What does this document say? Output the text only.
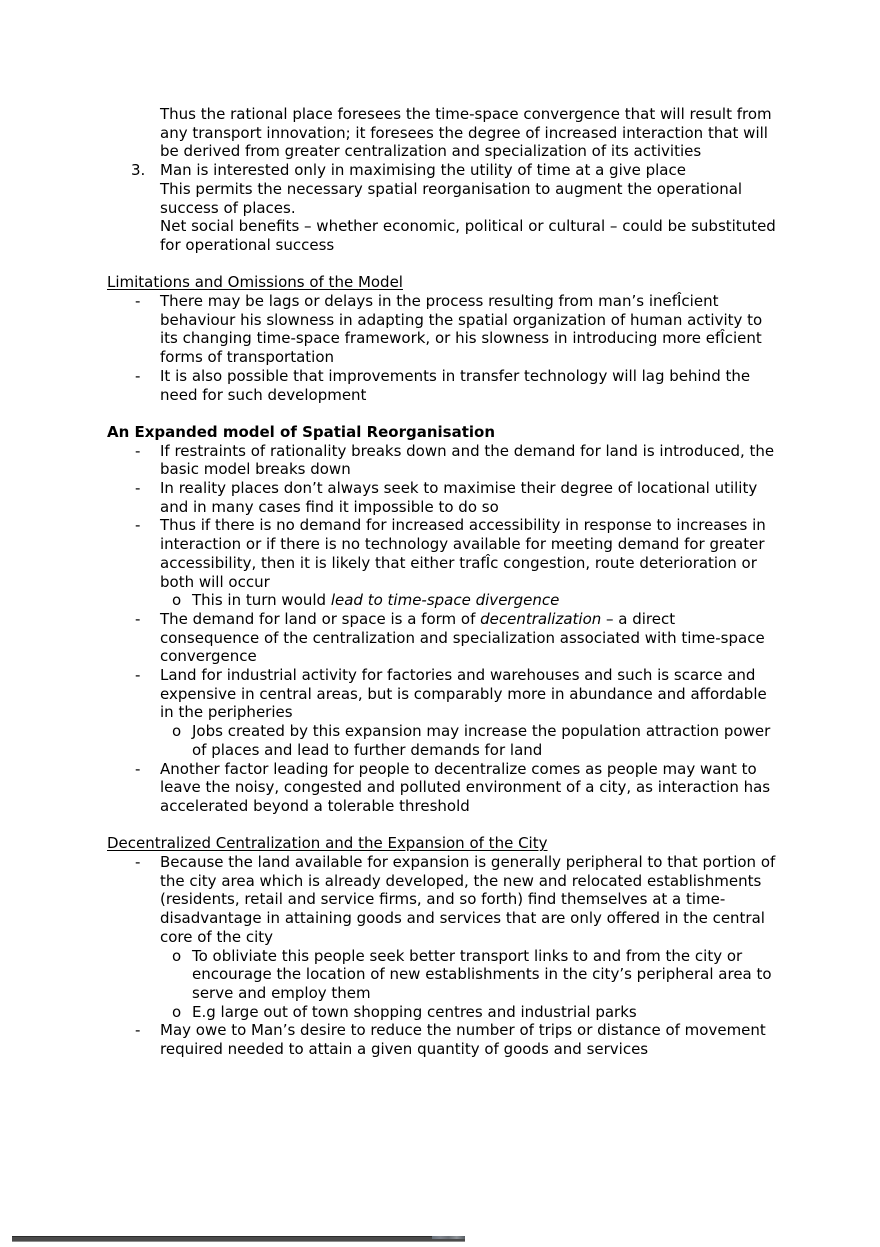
Thus the rational place foresees the time-space convergence that will result from any transport innovation; it foresees the degree of increased interaction that will be derived from greater centralization and specialization of its activities
3. Man is interested only in maximising the utility of time at a give place
This permits the necessary spatial reorganisation to augment the operational success of places.
Net social benefits – whether economic, political or cultural – could be substituted for operational success
Limitations and Omissions of the Model
-	There may be lags or delays in the process resulting from man’s inefÎcient behaviour his slowness in adapting the spatial organization of human activity to its changing time-space framework, or his slowness in introducing more efÎcient forms of transportation
-	It is also possible that improvements in transfer technology will lag behind the need for such development
An Expanded model of Spatial Reorganisation
-	If restraints of rationality breaks down and the demand for land is introduced, the basic model breaks down
-	In reality places don’t always seek to maximise their degree of locational utility and in many cases find it impossible to do so
-	Thus if there is no demand for increased accessibility in response to increases in interaction or if there is no technology available for meeting demand for greater accessibility, then it is likely that either trafÎc congestion, route deterioration or both will occur
o This in turn would lead to time-space divergence
-	The demand for land or space is a form of decentralization – a direct consequence of the centralization and specialization associated with time-space convergence
-	Land for industrial activity for factories and warehouses and such is scarce and expensive in central areas, but is comparably more in abundance and affordable in the peripheries
o Jobs created by this expansion may increase the population attraction power of places and lead to further demands for land
-	Another factor leading for people to decentralize comes as people may want to leave the noisy, congested and polluted environment of a city, as interaction has accelerated beyond a tolerable threshold
Decentralized Centralization and the Expansion of the City
-	Because the land available for expansion is generally peripheral to that portion of the city area which is already developed, the new and relocated establishments (residents, retail and service firms, and so forth) find themselves at a time-disadvantage in attaining goods and services that are only offered in the central core of the city
o To obliviate this people seek better transport links to and from the city or encourage the location of new establishments in the city’s peripheral area to serve and employ them
o E.g large out of town shopping centres and industrial parks
-	May owe to Man’s desire to reduce the number of trips or distance of movement required needed to attain a given quantity of goods and services
